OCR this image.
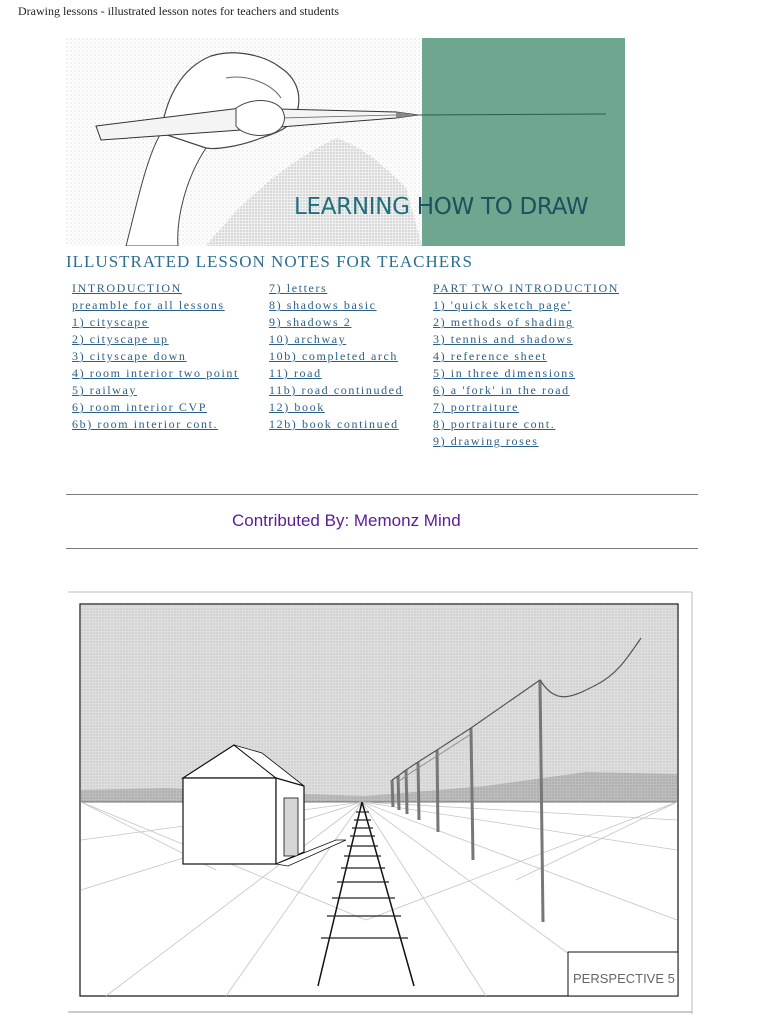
Drawing lessons - illustrated lesson notes for teachers and students
LEARNING HOW TO DRAW
ILLUSTRATED LESSON NOTES FOR TEACHERS
INTRODUCTION
preamble for all lessons
1) cityscape
2) cityscape up
3) cityscape down
4) room interior two point
5) railway
6) room interior CVP
6b) room interior cont.
7) letters
8) shadows basic
9) shadows 2
10) archway
10b) completed arch
11) road
11b) road continuded
12) book
12b) book continued
PART TWO INTRODUCTION
1) 'quick sketch page'
2) methods of shading
3) tennis and shadows
4) reference sheet
5) in three dimensions
6) a 'fork' in the road
7) portraiture
8) portraiture cont.
9) drawing roses
Contributed By: Memonz Mind
PERSPECTIVE 5
